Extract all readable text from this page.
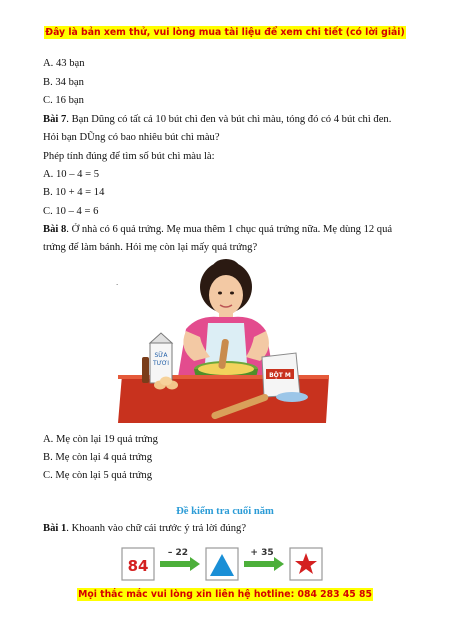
Đây là bản xem thử, vui lòng mua tài liệu để xem chi tiết (có lời giải)
A. 43 bạn
B. 34 bạn
C. 16 bạn
Bài 7. Bạn Dũng có tất cả 10 bút chì đen và bút chì màu, tóng đó có 4 bút chì đen.
Hỏi bạn DŨng có bao nhiêu bút chì màu?
Phép tính đúng để tìm số bút chì màu là:
A. 10 – 4 = 5
B. 10 + 4 = 14
C. 10 – 4 = 6
Bài 8. Ở nhà có 6 quả trứng. Mẹ mua thêm 1 chục quả trứng nữa. Mẹ dùng 12 quả
trứng để làm bánh. Hỏi mẹ còn lại mấy quả trứng?
SỮA
TƯƠI
BỘT M
.
A. Mẹ còn lại 19 quả trứng
B. Mẹ còn lại 4 quả trứng
C. Mẹ còn lại 5 quả trứng
Đề kiểm tra cuối năm
Bài 1. Khoanh vào chữ cái trước ý trả lời đúng?
84
– 22	+ 35
Mọi thắc mắc vui lòng xin liên hệ hotline: 084 283 45 85
